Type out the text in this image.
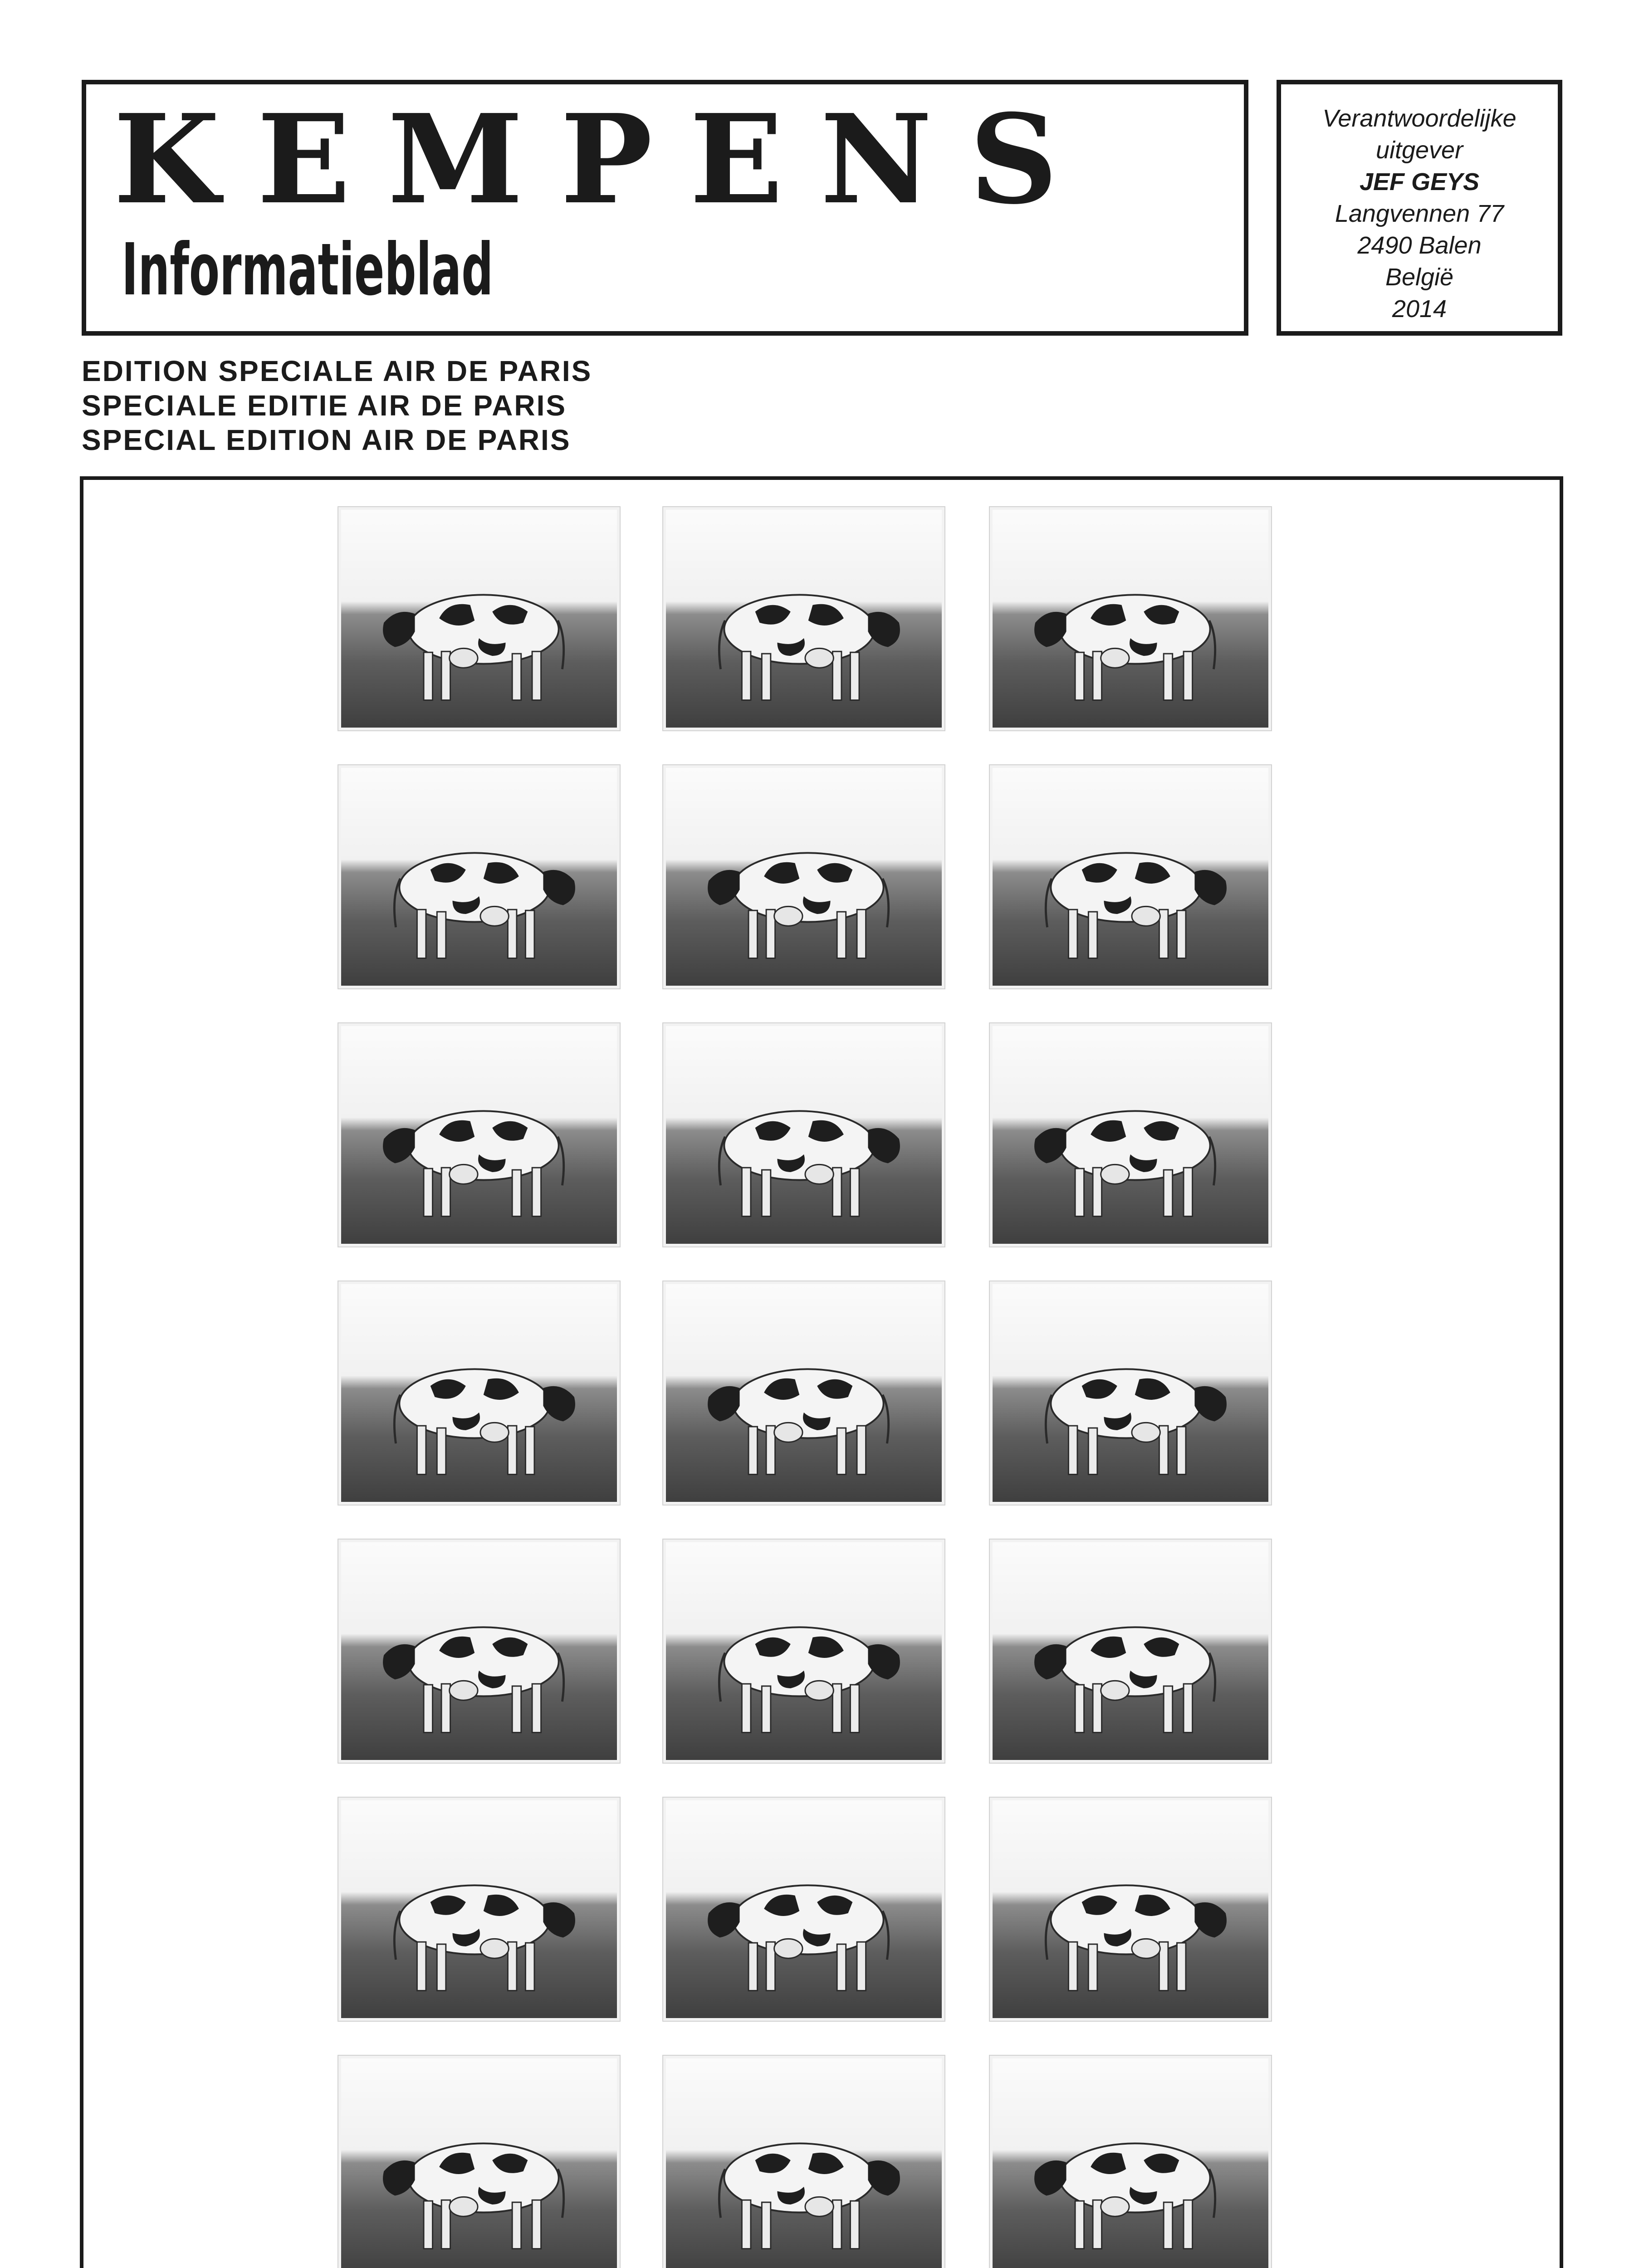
KEMPENS
Informatieblad
Verantwoordelijke
uitgever
JEF GEYS
Langvennen 77
2490 Balen
België
2014
EDITION SPECIALE AIR DE PARIS
SPECIALE EDITIE AIR DE PARIS
SPECIAL EDITION AIR DE PARIS
